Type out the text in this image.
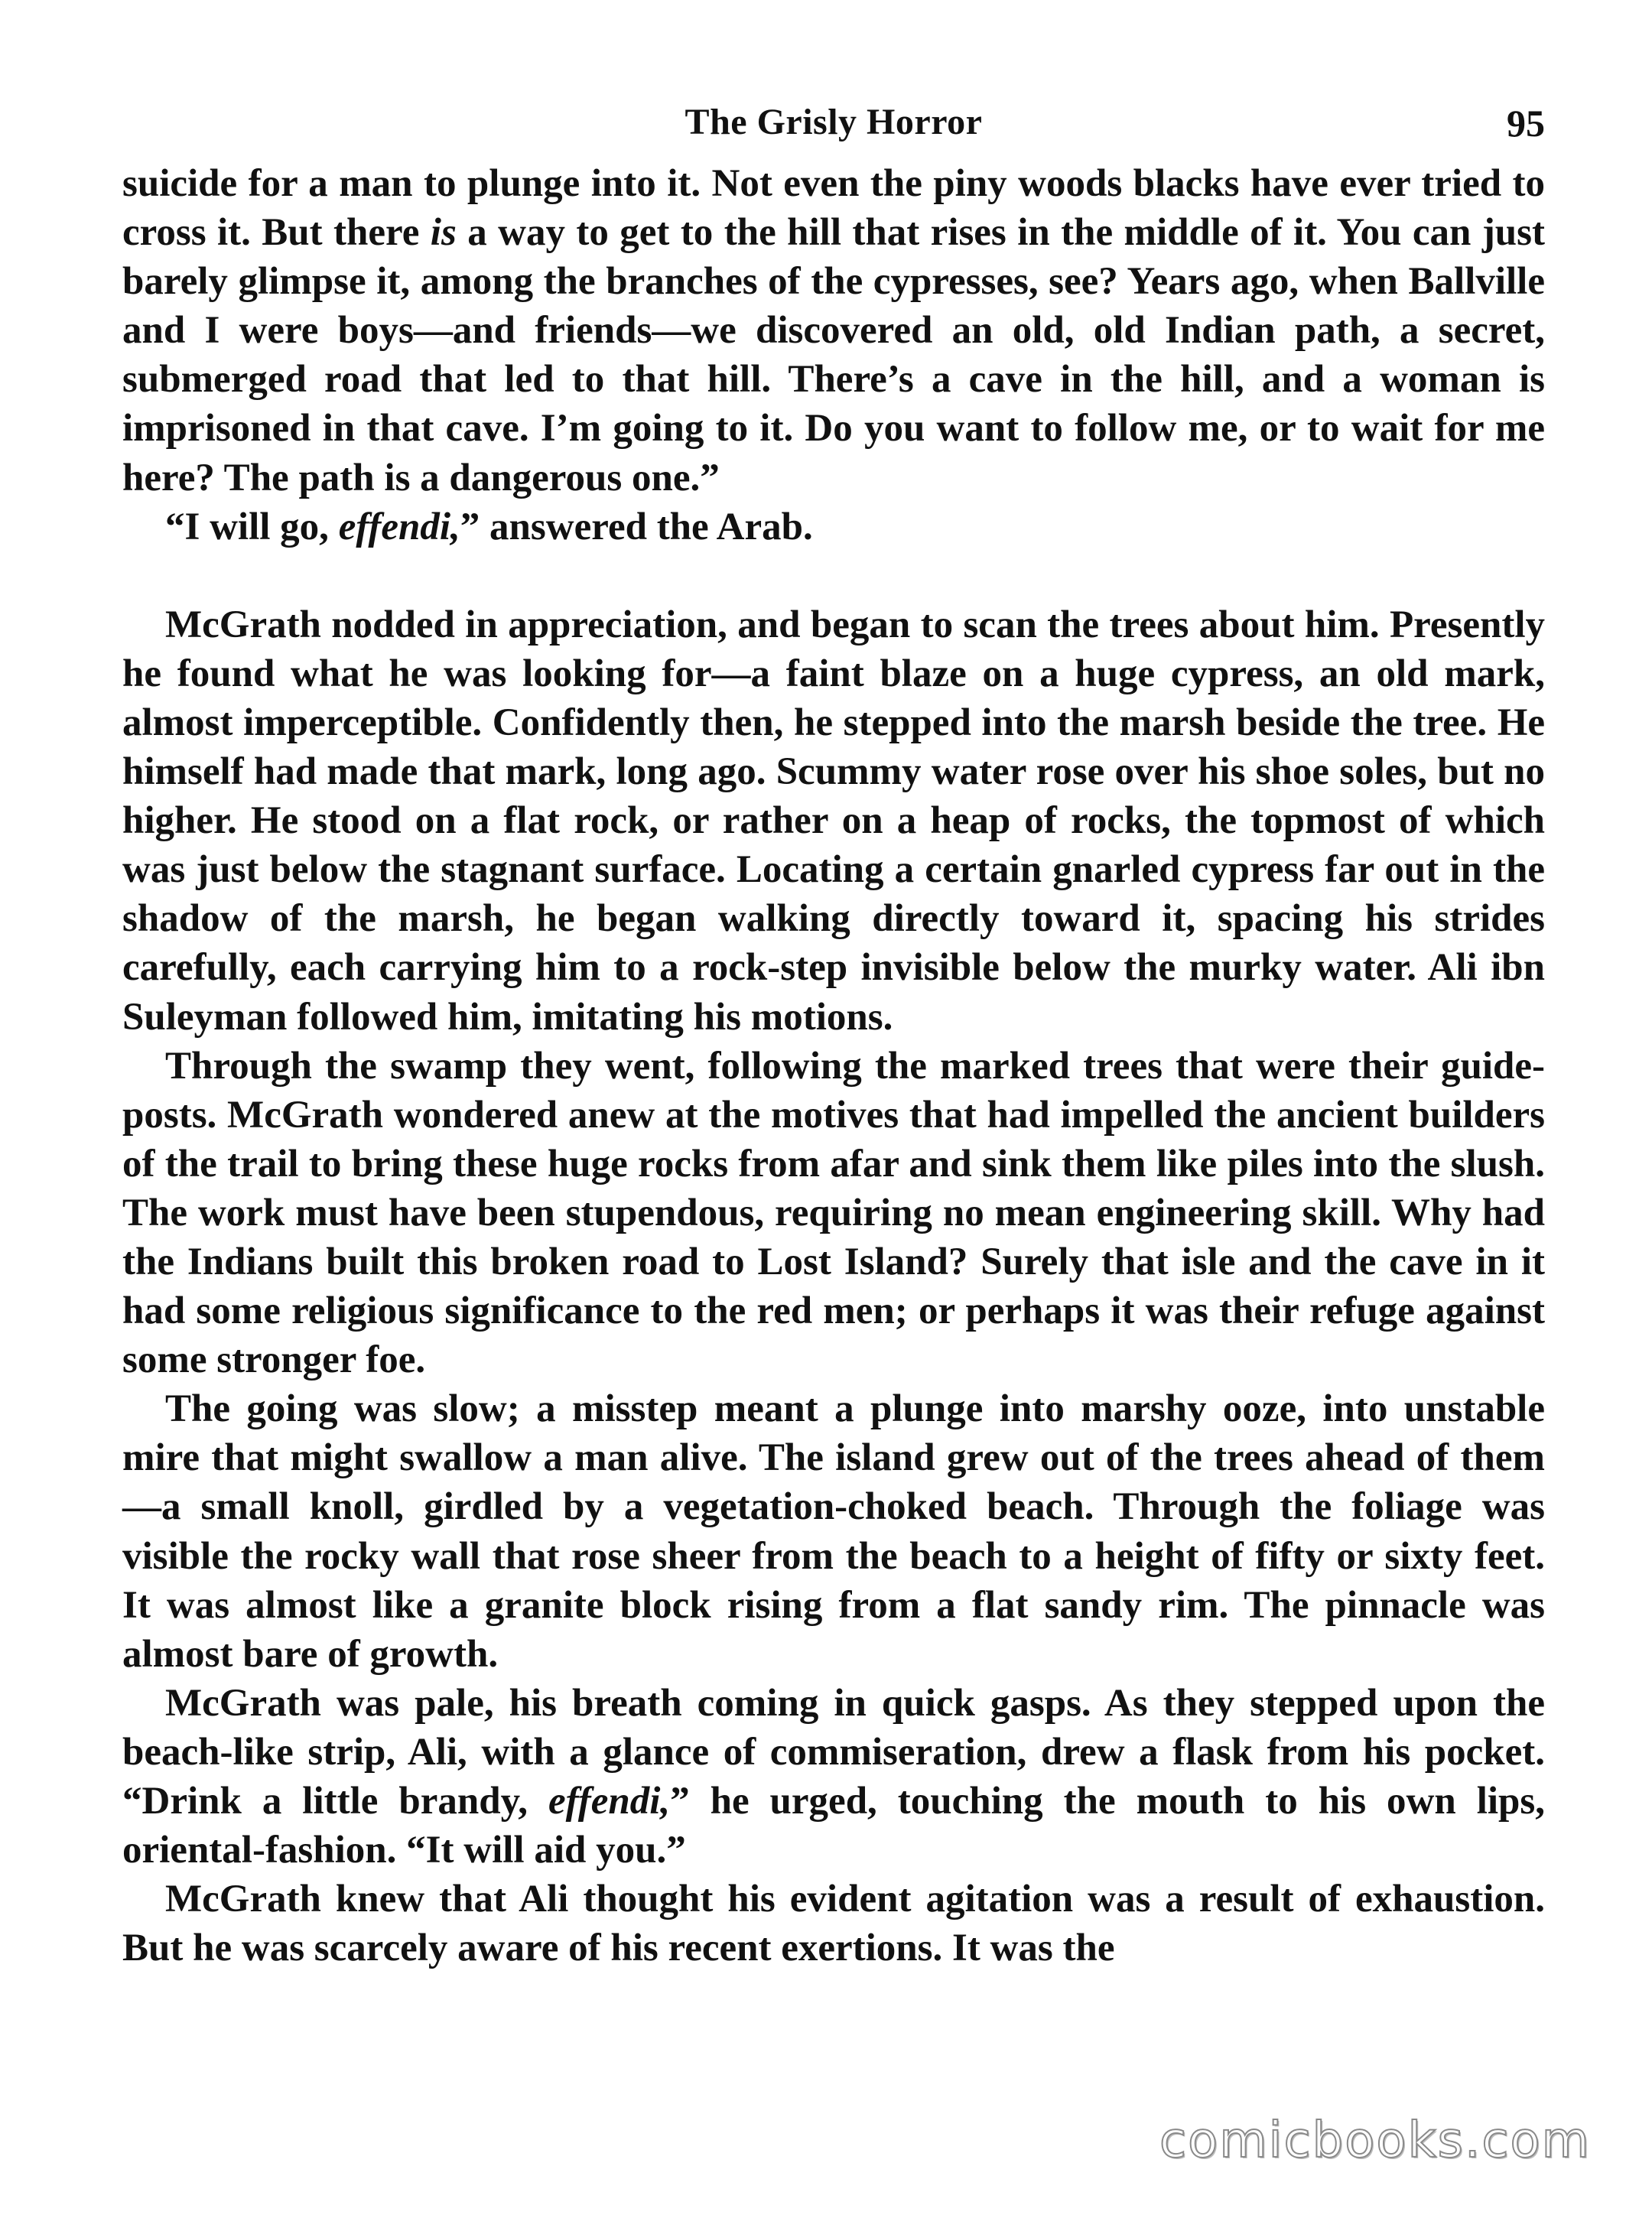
The Grisly Horror	95

suicide for a man to plunge into it. Not even the piny woods blacks have ever tried to cross it. But there is a way to get to the hill that rises in the middle of it. You can just barely glimpse it, among the branches of the cypresses, see? Years ago, when Ballville and I were boys—and friends—we discovered an old, old Indian path, a secret, submerged road that led to that hill. There’s a cave in the hill, and a woman is imprisoned in that cave. I’m going to it. Do you want to follow me, or to wait for me here? The path is a dangerous one.”

“I will go, effendi,” answered the Arab.

McGrath nodded in appreciation, and began to scan the trees about him. Presently he found what he was looking for—a faint blaze on a huge cypress, an old mark, almost imperceptible. Confidently then, he stepped into the marsh beside the tree. He himself had made that mark, long ago. Scummy water rose over his shoe soles, but no higher. He stood on a flat rock, or rather on a heap of rocks, the topmost of which was just below the stagnant surface. Locating a certain gnarled cypress far out in the shadow of the marsh, he began walking directly toward it, spacing his strides carefully, each carrying him to a rock-step invisible below the murky water. Ali ibn Suleyman followed him, imitating his motions.

Through the swamp they went, following the marked trees that were their guide-posts. McGrath wondered anew at the motives that had impelled the ancient builders of the trail to bring these huge rocks from afar and sink them like piles into the slush. The work must have been stupendous, requiring no mean engineering skill. Why had the Indians built this broken road to Lost Island? Surely that isle and the cave in it had some religious significance to the red men; or perhaps it was their refuge against some stronger foe.

The going was slow; a misstep meant a plunge into marshy ooze, into unstable mire that might swallow a man alive. The island grew out of the trees ahead of them—a small knoll, girdled by a vegetation-choked beach. Through the foliage was visible the rocky wall that rose sheer from the beach to a height of fifty or sixty feet. It was almost like a granite block rising from a flat sandy rim. The pinnacle was almost bare of growth.

McGrath was pale, his breath coming in quick gasps. As they stepped upon the beach-like strip, Ali, with a glance of commiseration, drew a flask from his pocket. “Drink a little brandy, effendi,” he urged, touching the mouth to his own lips, oriental-fashion. “It will aid you.”

McGrath knew that Ali thought his evident agitation was a result of exhaustion. But he was scarcely aware of his recent exertions. It was the

comicbooks.com
